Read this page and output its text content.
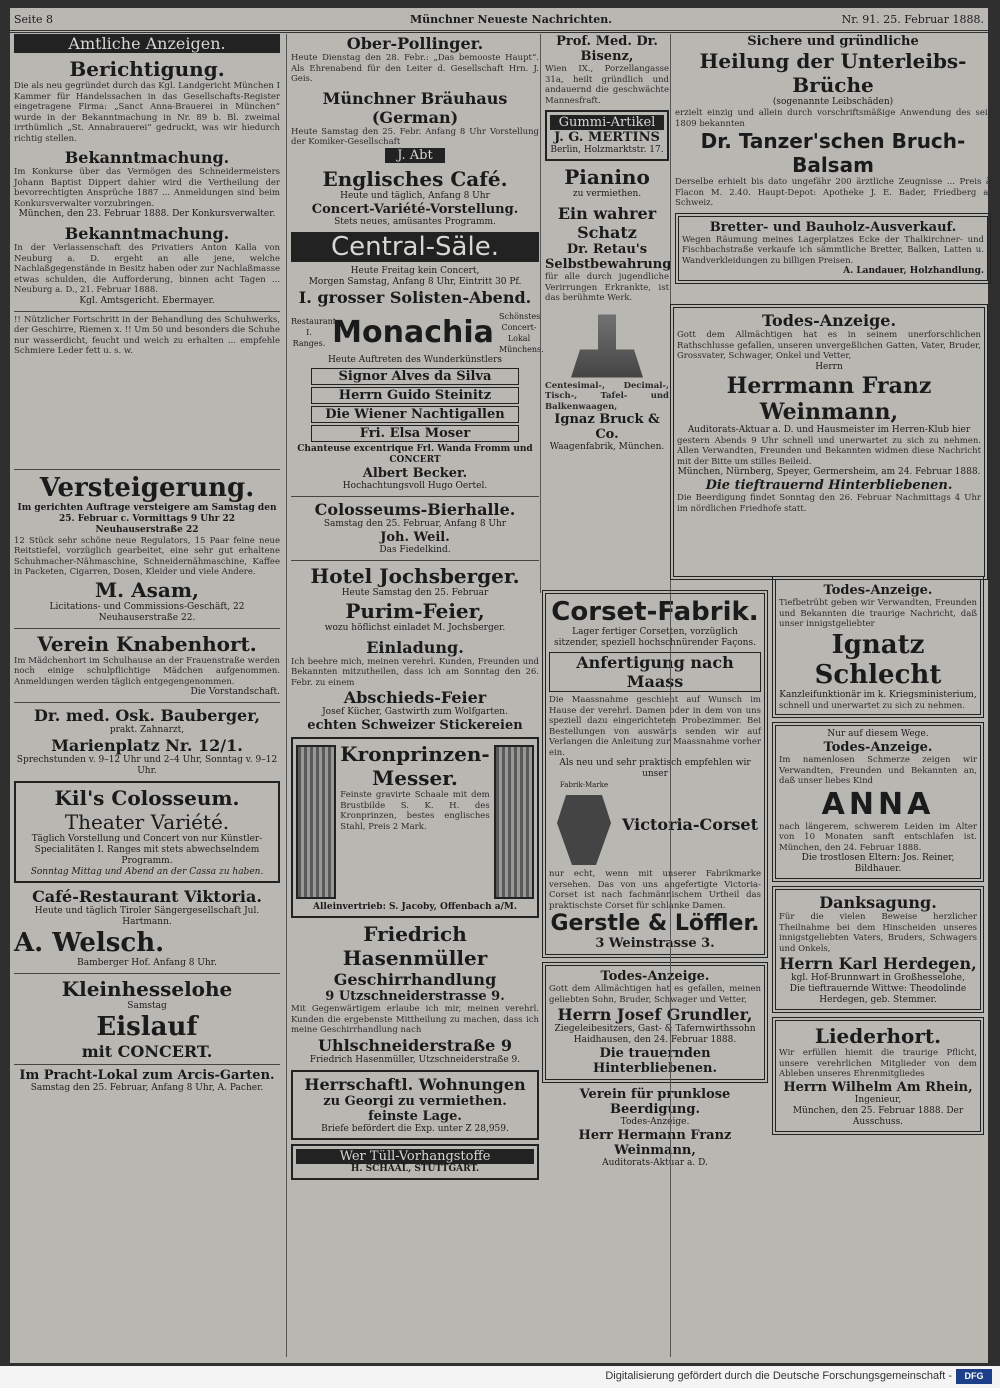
Seite 8	Münchner Neueste Nachrichten.	Nr. 91. 25. Februar 1888.
Amtliche Anzeigen.
Berichtigung.
Die als neu gegründet durch das Kgl. Landgericht München I Kammer für Handelssachen in das Gesellschafts-Register eingetragene Firma: „Sanct Anna-Brauerei in München“ wurde in der Bekanntmachung in Nr. 89 b. Bl. zweimal irrthümlich „St. Annabrauerei“ gedruckt, was wir hiedurch richtig stellen.
Bekanntmachung.
Im Konkurse über das Vermögen des Schneidermeisters Johann Baptist Dippert dahier wird die Vertheilung der bevorrechtigten Ansprüche 1887 ... Anmeldungen sind beim Konkursverwalter vorzubringen.
München, den 23. Februar 1888. Der Konkursverwalter.
Bekanntmachung.
In der Verlassenschaft des Privatiers Anton Kalla von Neuburg a. D. ergeht an alle jene, welche Nachlaßgegenstände in Besitz haben oder zur Nachlaßmasse etwas schulden, die Aufforderung, binnen acht Tagen ... Neuburg a. D., 21. Februar 1888.
Kgl. Amtsgericht. Ebermayer.
!! Nützlicher Fortschritt in der Behandlung des Schuhwerks, der Geschirre, Riemen x. !! Um 50 und besonders die Schuhe nur wasserdicht, feucht und weich zu erhalten ... empfehle Schmiere Leder fett u. s. w.
Versteigerung.
Im gerichten Auftrage versteigere am Samstag den 25. Februar c. Vormittags 9 Uhr 22 Neuhauserstraße 22
12 Stück sehr schöne neue Regulators, 15 Paar feine neue Reitstiefel, vorzüglich gearbeitet, eine sehr gut erhaltene Schuhmacher-Nähmaschine, Schneidernähmaschine, Kaffee in Packeten, Cigarren, Dosen, Kleider und viele Andere.
M. Asam,
Licitations- und Commissions-Geschäft, 22 Neuhauserstraße 22.
Verein Knabenhort.
Im Mädchenhort im Schulhause an der Frauenstraße werden noch einige schulpflichtige Mädchen aufgenommen. Anmeldungen werden täglich entgegengenommen.
Die Vorstandschaft.
Dr. med. Osk. Bauberger,
prakt. Zahnarzt,
Marienplatz Nr. 12/1.
Sprechstunden v. 9–12 Uhr und 2–4 Uhr, Sonntag v. 9–12 Uhr.
Kil's Colosseum.
Theater Variété.
Täglich Vorstellung und Concert von nur Künstler-Specialitäten I. Ranges mit stets abwechselndem Programm.
Sonntag Mittag und Abend an der Cassa zu haben.
Café-Restaurant Viktoria.
Heute und täglich Tiroler Sängergesellschaft Jul. Hartmann.
A. Welsch.
Bamberger Hof. Anfang 8 Uhr.
Kleinhesselohe
Samstag
Eislauf
mit CONCERT.
Im Pracht-Lokal zum Arcis-Garten.
Samstag den 25. Februar, Anfang 8 Uhr, A. Pacher.
Ober-Pollinger.
Heute Dienstag den 28. Febr.: „Das bemooste Haupt“. Als Ehrenabend für den Leiter d. Gesellschaft Hrn. J. Geis.
Münchner Bräuhaus (German)
Heute Samstag den 25. Febr. Anfang 8 Uhr Vorstellung der Komiker-Gesellschaft
J. Abt
Englisches Café.
Heute und täglich, Anfang 8 Uhr
Concert-Variété-Vorstellung.
Stets neues, amüsantes Programm.
Central-Säle.
Heute Freitag kein Concert,
Morgen Samstag, Anfang 8 Uhr, Eintritt 30 Pf.
I. grosser Solisten-Abend.
Restaurant I. Ranges. Monachia Schönstes Concert-Lokal Münchens.
Heute Auftreten des Wunderkünstlers
Signor Alves da Silva
Herrn Guido Steinitz
Die Wiener Nachtigallen
Fri. Elsa Moser
Chanteuse excentrique Frl. Wanda Fromm und CONCERT
Albert Becker.
Hochachtungsvoll Hugo Oertel.
Colosseums-Bierhalle.
Samstag den 25. Februar, Anfang 8 Uhr
Joh. Weil.
Das Fiedelkind.
Hotel Jochsberger.
Heute Samstag den 25. Februar
Purim-Feier,
wozu höflichst einladet M. Jochsberger.
Einladung.
Ich beehre mich, meinen verehrl. Kunden, Freunden und Bekannten mitzutheilen, dass ich am Sonntag den 26. Febr. zu einem
Abschieds-Feier
Josef Kücher, Gastwirth zum Wolfgarten.
echten Schweizer Stickereien
Kronprinzen-Messer.
Feinste gravirte Schaale mit dem Brustbilde S. K. H. des Kronprinzen, bestes englisches Stahl, Preis 2 Mark.
Alleinvertrieb: S. Jacoby, Offenbach a/M.
Friedrich Hasenmüller
Geschirrhandlung
9 Utzschneiderstrasse 9.
Mit Gegenwärtigem erlaube ich mir, meinen verehrl. Kunden die ergebenste Mittheilung zu machen, dass ich meine Geschirrhandlung nach
Uhlschneiderstraße 9
Friedrich Hasenmüller, Utzschneiderstraße 9.
Herrschaftl. Wohnungen
zu Georgi zu vermiethen.
feinste Lage.
Briefe befördert die Exp. unter Z 28,959.
Wer Tüll-Vorhangstoffe
H. SCHAAL, STUTTGART.
Prof. Med. Dr. Bisenz,
Wien IX., Porzellangasse 31a, heilt gründlich und andauernd die geschwächte Mannesfraft.
Gummi-Artikel
J. G. MERTINS
Berlin, Holzmarktstr. 17.
Pianino
zu vermiethen.
Ein wahrer Schatz
Dr. Retau's Selbstbewahrung
für alle durch jugendliche Verirrungen Erkrankte, ist das berühmte Werk.
Centesimal-, Decimal-, Tisch-, Tafel- und Balkenwaagen,
Ignaz Bruck & Co.
Waagenfabrik, München.
Corset-Fabrik.
Lager fertiger Corsetten, vorzüglich sitzender, speziell hochschnürender Façons.
Anfertigung nach Maass
Die Maassnahme geschieht auf Wunsch im Hause der verehrl. Damen oder in dem von uns speziell dazu eingerichteten Probezimmer. Bei Bestellungen von auswärts senden wir auf Verlangen die Anleitung zur Maassnahme vorher ein.
Als neu und sehr praktisch empfehlen wir unser
Fabrik-Marke
Victoria-Corset
nur echt, wenn mit unserer Fabrikmarke versehen. Das von uns angefertigte Victoria-Corset ist nach fachmännischem Urtheil das praktischste Corset für schlanke Damen.
Gerstle & Löffler.
3 Weinstrasse 3.
Todes-Anzeige.
Gott dem Allmächtigen hat es gefallen, meinen geliebten Sohn, Bruder, Schwager und Vetter,
Herrn Josef Grundler,
Ziegeleibesitzers, Gast- & Tafernwirthssohn
Haidhausen, den 24. Februar 1888.
Die trauernden Hinterbliebenen.
Verein für prunklose Beerdigung.
Todes-Anzeige.
Herr Hermann Franz Weinmann,
Auditorats-Aktuar a. D.
Sichere und gründliche
Heilung der Unterleibs-Brüche
(sogenannte Leibschäden)
erzielt einzig und allein durch vorschriftsmäßige Anwendung des seit 1809 bekannten
Dr. Tanzer'schen Bruch-Balsam
Derselbe erhielt bis dato ungefähr 200 ärztliche Zeugnisse ... Preis à Flacon M. 2.40. Haupt-Depot: Apotheke J. E. Bader, Friedberg a. Schweiz.
Bretter- und Bauholz-Ausverkauf.
Wegen Räumung meines Lagerplatzes Ecke der Thalkirchner- und Fischbachstraße verkaufe ich sämmtliche Bretter, Balken, Latten u. Wandverkleidungen zu billigen Preisen.
A. Landauer, Holzhandlung.
Todes-Anzeige.
Gott dem Allmächtigen hat es in seinem unerforschlichen Rathschlusse gefallen, unseren unvergeßlichen Gatten, Vater, Bruder, Grossvater, Schwager, Onkel und Vetter,
Herrn
Herrmann Franz Weinmann,
Auditorats-Aktuar a. D. und Hausmeister im Herren-Klub hier
gestern Abends 9 Uhr schnell und unerwartet zu sich zu nehmen. Allen Verwandten, Freunden und Bekannten widmen diese Nachricht mit der Bitte um stilles Beileid.
München, Nürnberg, Speyer, Germersheim, am 24. Februar 1888.
Die tieftrauernd Hinterbliebenen.
Die Beerdigung findet Sonntag den 26. Februar Nachmittags 4 Uhr im nördlichen Friedhofe statt.
Todes-Anzeige.
Tiefbetrübt geben wir Verwandten, Freunden und Bekannten die traurige Nachricht, daß unser innigstgeliebter
Ignatz Schlecht
Kanzleifunktionär im k. Kriegsministerium,
schnell und unerwartet zu sich zu nehmen.
Nur auf diesem Wege.
Todes-Anzeige.
Im namenlosen Schmerze zeigen wir Verwandten, Freunden und Bekannten an, daß unser liebes Kind
ANNA
nach längerem, schwerem Leiden im Alter von 10 Monaten sanft entschlafen ist. München, den 24. Februar 1888.
Die trostlosen Eltern: Jos. Reiner, Bildhauer.
Danksagung.
Für die vielen Beweise herzlicher Theilnahme bei dem Hinscheiden unseres innigstgeliebten Vaters, Bruders, Schwagers und Onkels,
Herrn Karl Herdegen,
kgl. Hof-Brunnwart in Großhesselohe,
Die tieftrauernde Wittwe: Theodolinde Herdegen, geb. Stemmer.
Liederhort.
Wir erfüllen hiemit die traurige Pflicht, unsere verehrlichen Mitglieder von dem Ableben unseres Ehrenmitgliedes
Herrn Wilhelm Am Rhein,
Ingenieur,
München, den 25. Februar 1888. Der Ausschuss.
Digitalisierung gefördert durch die Deutsche Forschungsgemeinschaft -	DFG
